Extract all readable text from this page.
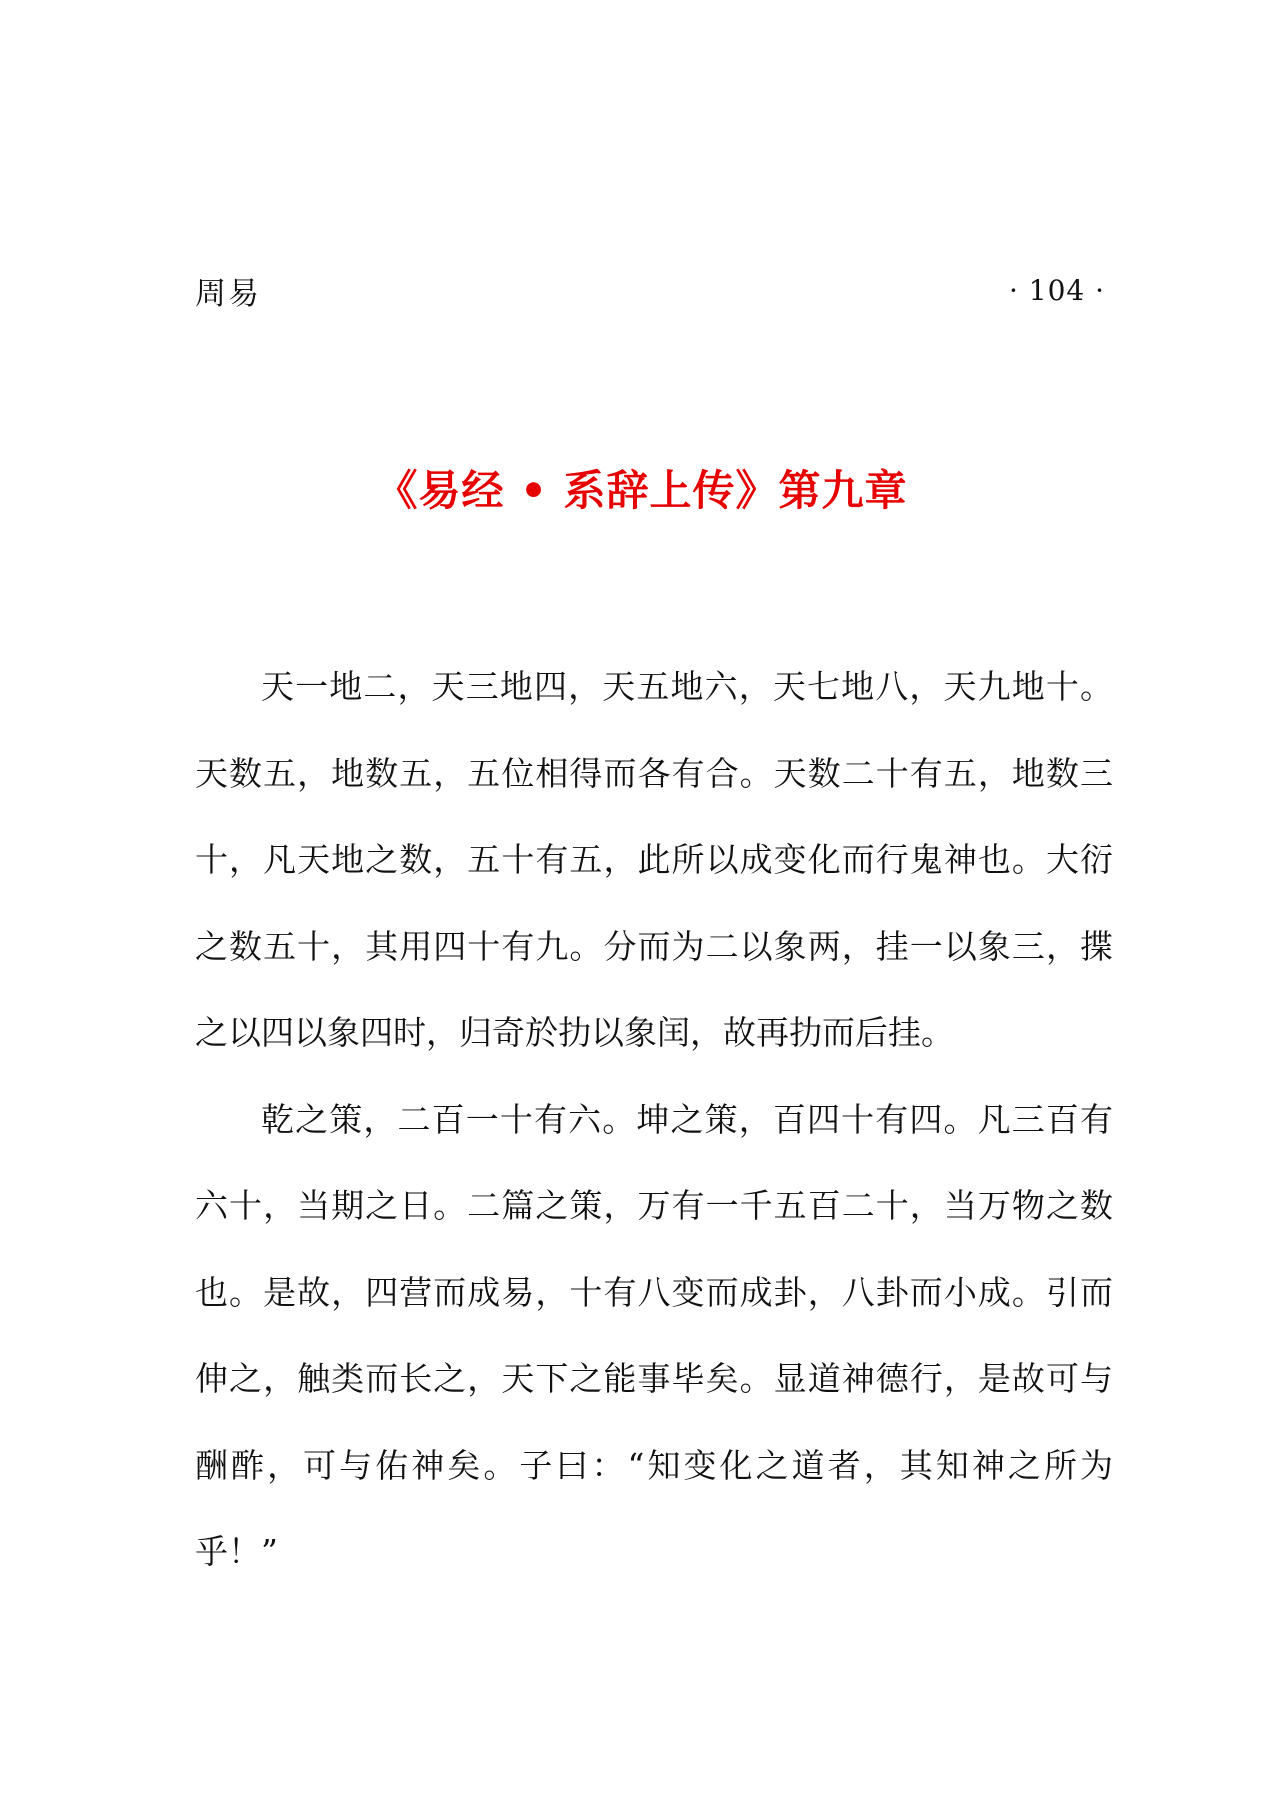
周易	· 104 ·
《易经 • 系辞上传》第九章

天一地二，天三地四，天五地六，天七地八，天九地十。天数五，地数五，五位相得而各有合。天数二十有五，地数三十，凡天地之数，五十有五，此所以成变化而行鬼神也。大衍之数五十，其用四十有九。分而为二以象两，挂一以象三，揲之以四以象四时，归奇於扐以象闰，故再扐而后挂。

乾之策，二百一十有六。坤之策，百四十有四。凡三百有六十，当期之日。二篇之策，万有一千五百二十，当万物之数也。是故，四营而成易，十有八变而成卦，八卦而小成。引而伸之，触类而长之，天下之能事毕矣。显道神德行，是故可与酬酢，可与佑神矣。子曰：“知变化之道者，其知神之所为乎！”
